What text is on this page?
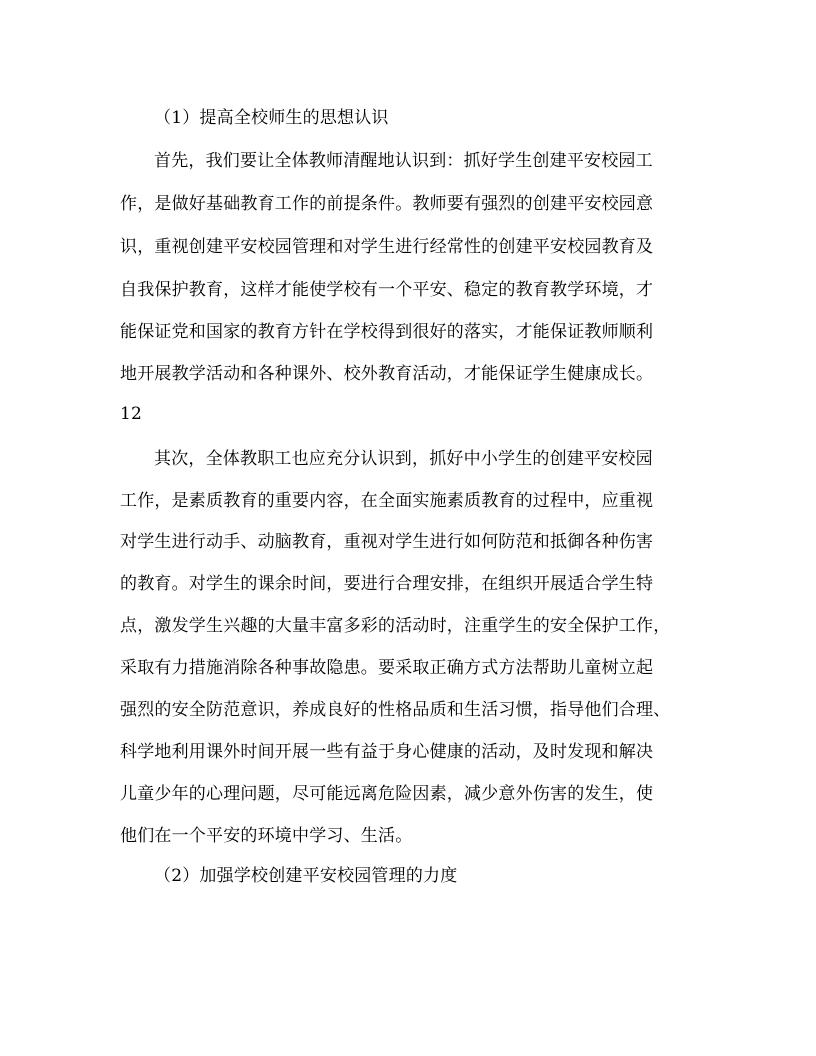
（1）提高全校师生的思想认识
首先，我们要让全体教师清醒地认识到：抓好学生创建平安校园工
作，是做好基础教育工作的前提条件。教师要有强烈的创建平安校园意
识，重视创建平安校园管理和对学生进行经常性的创建平安校园教育及
自我保护教育，这样才能使学校有一个平安、稳定的教育教学环境，才
能保证党和国家的教育方针在学校得到很好的落实，才能保证教师顺利
地开展教学活动和各种课外、校外教育活动，才能保证学生健康成长。
12
其次，全体教职工也应充分认识到，抓好中小学生的创建平安校园
工作，是素质教育的重要内容，在全面实施素质教育的过程中，应重视
对学生进行动手、动脑教育，重视对学生进行如何防范和抵御各种伤害
的教育。对学生的课余时间，要进行合理安排，在组织开展适合学生特
点，激发学生兴趣的大量丰富多彩的活动时，注重学生的安全保护工作，
采取有力措施消除各种事故隐患。要采取正确方式方法帮助儿童树立起
强烈的安全防范意识，养成良好的性格品质和生活习惯，指导他们合理、
科学地利用课外时间开展一些有益于身心健康的活动，及时发现和解决
儿童少年的心理问题，尽可能远离危险因素，减少意外伤害的发生，使
他们在一个平安的环境中学习、生活。
（2）加强学校创建平安校园管理的力度
